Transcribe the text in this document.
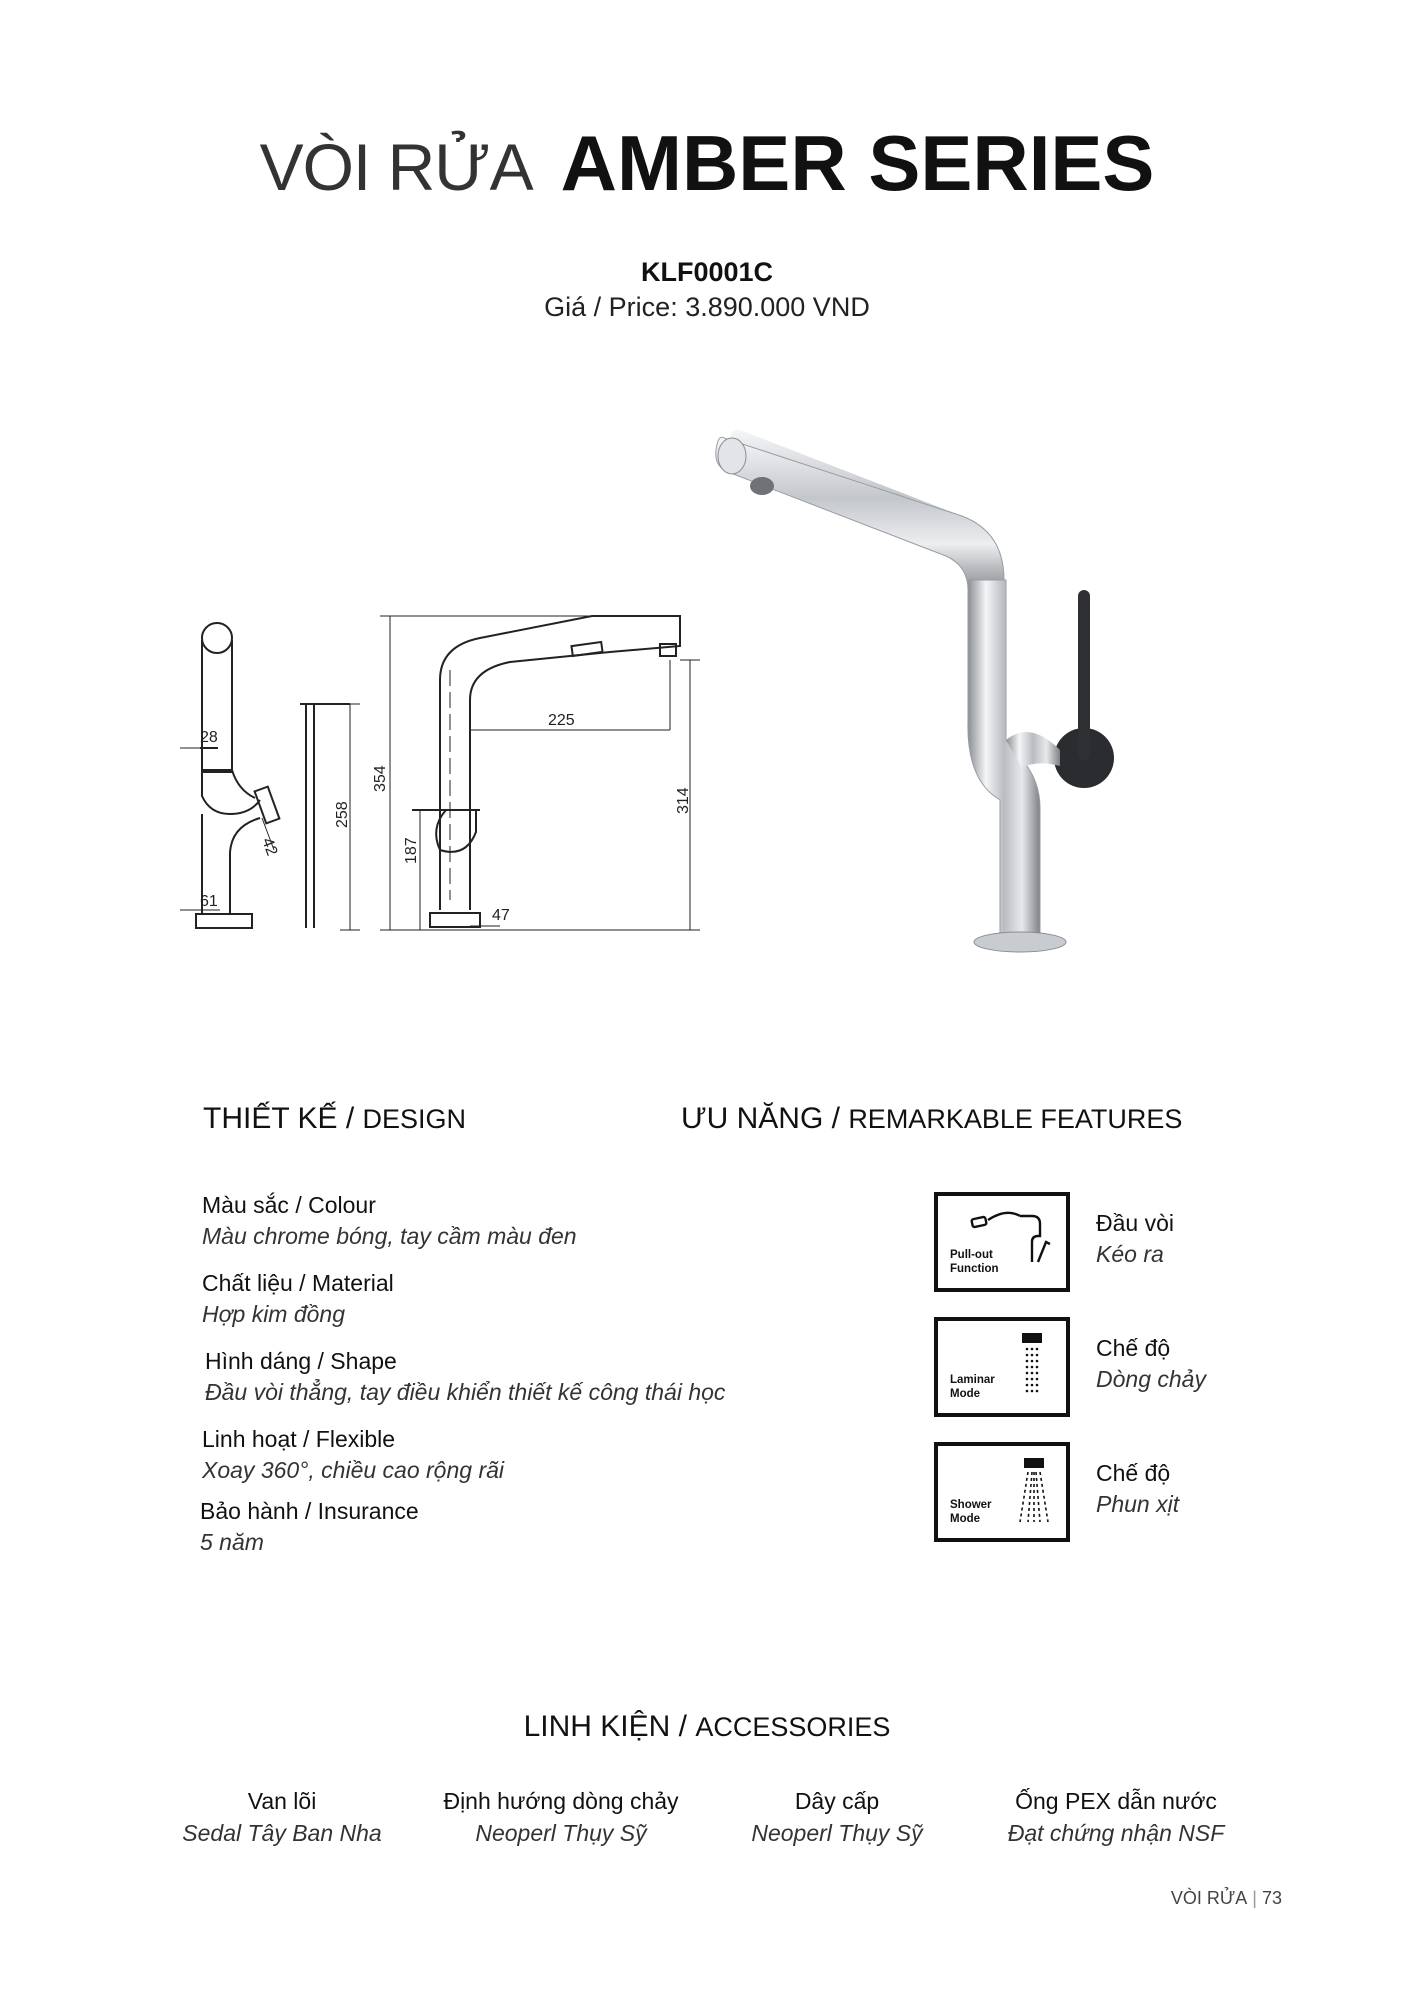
VÒI RỬA AMBER SERIES
KLF0001C
Giá / Price: 3.890.000 VND
28
61
258
42
354
187
225
47
314
THIẾT KẾ / DESIGN
Màu sắc / Colour
Màu chrome bóng, tay cầm màu đen
Chất liệu / Material
Hợp kim đồng
Hình dáng / Shape
Đầu vòi thẳng, tay điều khiển thiết kế công thái học
Linh hoạt / Flexible
Xoay 360°, chiều cao rộng rãi
Bảo hành / Insurance
5 năm
ƯU NĂNG / REMARKABLE FEATURES
Pull-out
Function
Đầu vòi
Kéo ra
Laminar
Mode
Chế độ
Dòng chảy
Shower
Mode
Chế độ
Phun xịt
LINH KIỆN / ACCESSORIES
Van lõi
Sedal Tây Ban Nha
Định hướng dòng chảy
Neoperl Thụy Sỹ
Dây cấp
Neoperl Thụy Sỹ
Ống PEX dẫn nước
Đạt chứng nhận NSF
VÒI RỬA | 73
